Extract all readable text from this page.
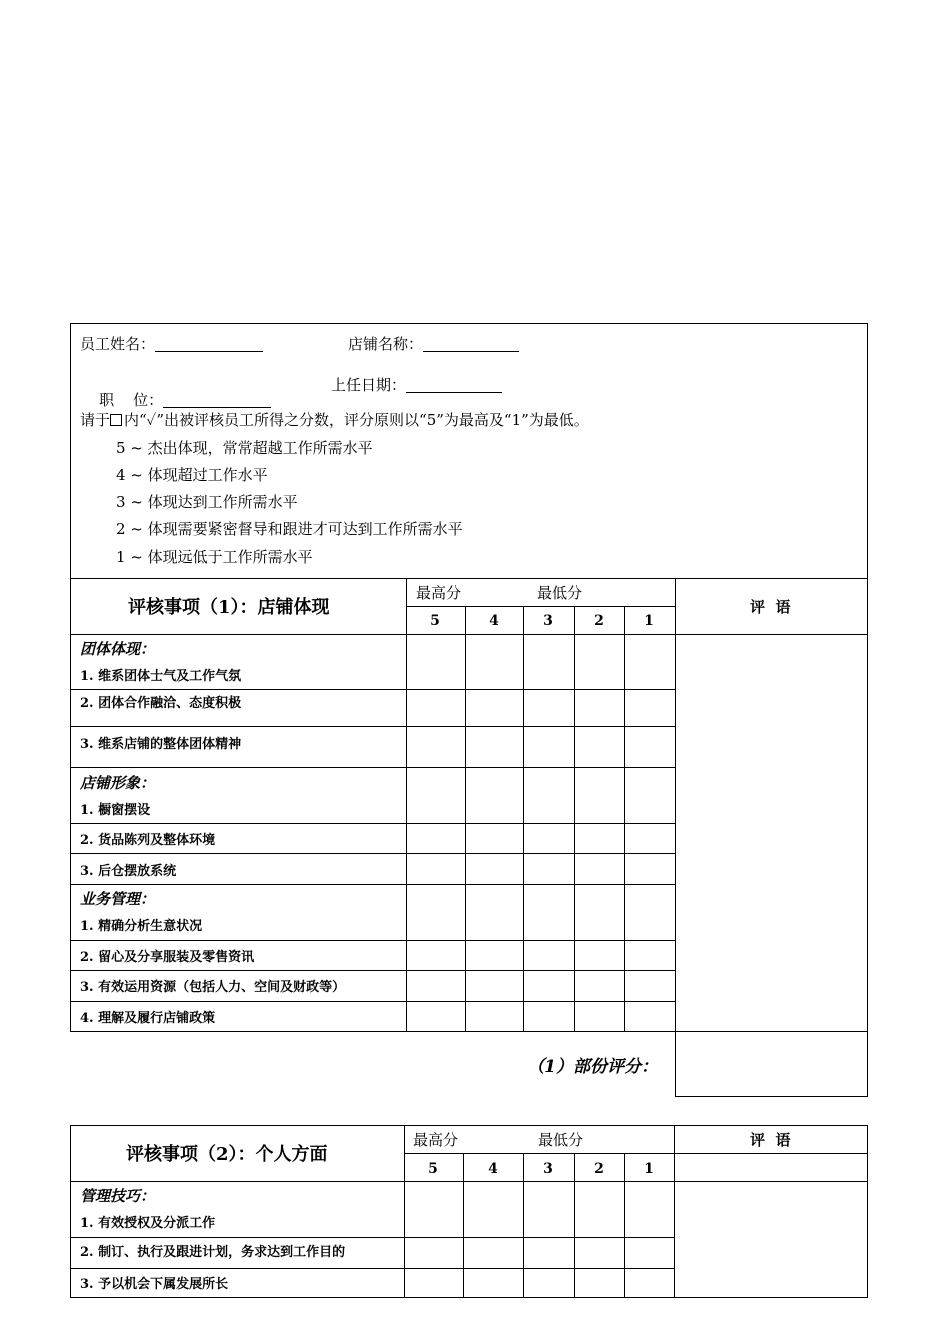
员工姓名：	店铺名称：

职    位：

上任日期：
请于 内“✓”出被评核员工所得之分数，评分原则以“5”为最高及“1”为最低。
5 ~ 杰出体现，常常超越工作所需水平
4 ~ 体现超过工作水平
3 ~ 体现达到工作所需水平
2 ~ 体现需要紧密督导和跟进才可达到工作所需水平
1 ~ 体现远低于工作所需水平
评核事项（1）：店铺体现
最高分	最低分
5	4	3	2	1
评  语
团体体现：
1. 维系团体士气及工作气氛
2. 团体合作融洽、态度积极
3. 维系店铺的整体团体精神
店铺形象：
1. 橱窗摆设
2. 货品陈列及整体环境
3. 后仓摆放系统
业务管理：
1. 精确分析生意状况
2. 留心及分享服装及零售资讯
3. 有效运用资源（包括人力、空间及财政等）
4. 理解及履行店铺政策
（1）部份评分：
评核事项（2）：个人方面
最高分	最低分	评  语
5	4	3	2	1
管理技巧：
1. 有效授权及分派工作
2. 制订、执行及跟进计划，务求达到工作目的
3. 予以机会下属发展所长
